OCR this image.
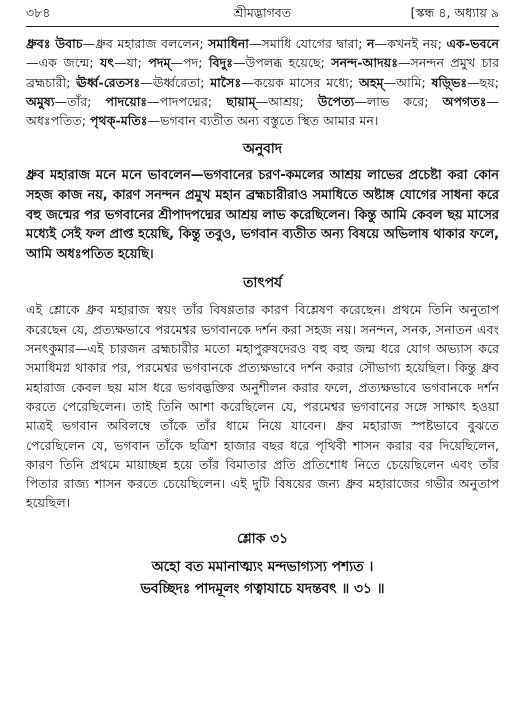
৩৮৪	শ্রীমদ্ভাগবত	[স্কন্ধ ৪, অধ্যায় ৯

ধ্রুবঃ উবাচ—ধ্রুব মহারাজ বললেন; সমাধিনা—সমাধি যোগের দ্বারা; ন—কখনই নয়; এক-ভবনে—এক জন্মে; যৎ—যা; পদম্—পদ; বিদুঃ—উপলব্ধ হয়েছে; সনন্দ-আদয়ঃ—সনন্দন প্রমুখ চার ব্রহ্মচারী; ঊর্ধ্ব-রেতসঃ—ঊর্ধ্বরেতা; মাসৈঃ—কয়েক মাসের মধ্যে; অহম্—আমি; ষড়্ভিঃ—ছয়; অমুষ্য—তাঁর; পাদয়োঃ—পাদপদ্মের; ছায়াম্—আশ্রয়; উপেত্য—লাভ করে; অপগতঃ—অধঃপতিত; পৃথক্-মতিঃ—ভগবান ব্যতীত অন্য বস্তুতে স্থিত আমার মন।

অনুবাদ

ধ্রুব মহারাজ মনে মনে ভাবলেন—ভগবানের চরণ-কমলের আশ্রয় লাভের প্রচেষ্টা করা কোন সহজ কাজ নয়, কারণ সনন্দন প্রমুখ মহান ব্রহ্মচারীরাও সমাধিতে অষ্টাঙ্গ যোগের সাধনা করে বহু জন্মের পর ভগবানের শ্রীপাদপদ্মের আশ্রয় লাভ করেছিলেন। কিন্তু আমি কেবল ছয় মাসের মধ্যেই সেই ফল প্রাপ্ত হয়েছি, কিন্তু তবুও, ভগবান ব্যতীত অন্য বিষয়ে অভিলাষ থাকার ফলে, আমি অধঃপতিত হয়েছি।

তাৎপর্য

এই শ্লোকে ধ্রুব মহারাজ স্বয়ং তাঁর বিষণ্ণতার কারণ বিশ্লেষণ করেছেন। প্রথমে তিনি অনুতাপ করেছেন যে, প্রত্যক্ষভাবে পরমেশ্বর ভগবানকে দর্শন করা সহজ নয়। সনন্দন, সনক, সনাতন এবং সনৎকুমার—এই চারজন ব্রহ্মচারীর মতো মহাপুরুষদেরও বহু বহু জন্ম ধরে যোগ অভ্যাস করে সমাধিমগ্ন থাকার পর, পরমেশ্বর ভগবানকে প্রত্যক্ষভাবে দর্শন করার সৌভাগ্য হয়েছিল। কিন্তু ধ্রুব মহারাজ কেবল ছয় মাস ধরে ভগবদ্ভক্তির অনুশীলন করার ফলে, প্রত্যক্ষভাবে ভগবানকে দর্শন করতে পেরেছিলেন। তাই তিনি আশা করেছিলেন যে, পরমেশ্বর ভগবানের সঙ্গে সাক্ষাৎ হওয়া মাত্রই ভগবান অবিলম্বে তাঁকে তাঁর ধামে নিয়ে যাবেন। ধ্রুব মহারাজ স্পষ্টভাবে বুঝতে পেরেছিলেন যে, ভগবান তাঁকে ছত্রিশ হাজার বছর ধরে পৃথিবী শাসন করার বর দিয়েছিলেন, কারণ তিনি প্রথমে মায়াচ্ছন্ন হয়ে তাঁর বিমাতার প্রতি প্রতিশোধ নিতে চেয়েছিলেন এবং তাঁর পিতার রাজ্য শাসন করতে চেয়েছিলেন। এই দুটি বিষয়ের জন্য ধ্রুব মহারাজের গভীর অনুতাপ হয়েছিল।

শ্লোক ৩১
অহো বত মমানাত্ম্যং মন্দভাগ্যস্য পশ্যত ।
ভবচ্ছিদঃ পাদমূলং গত্বাযাচে যদন্তবৎ ॥ ৩১ ॥
